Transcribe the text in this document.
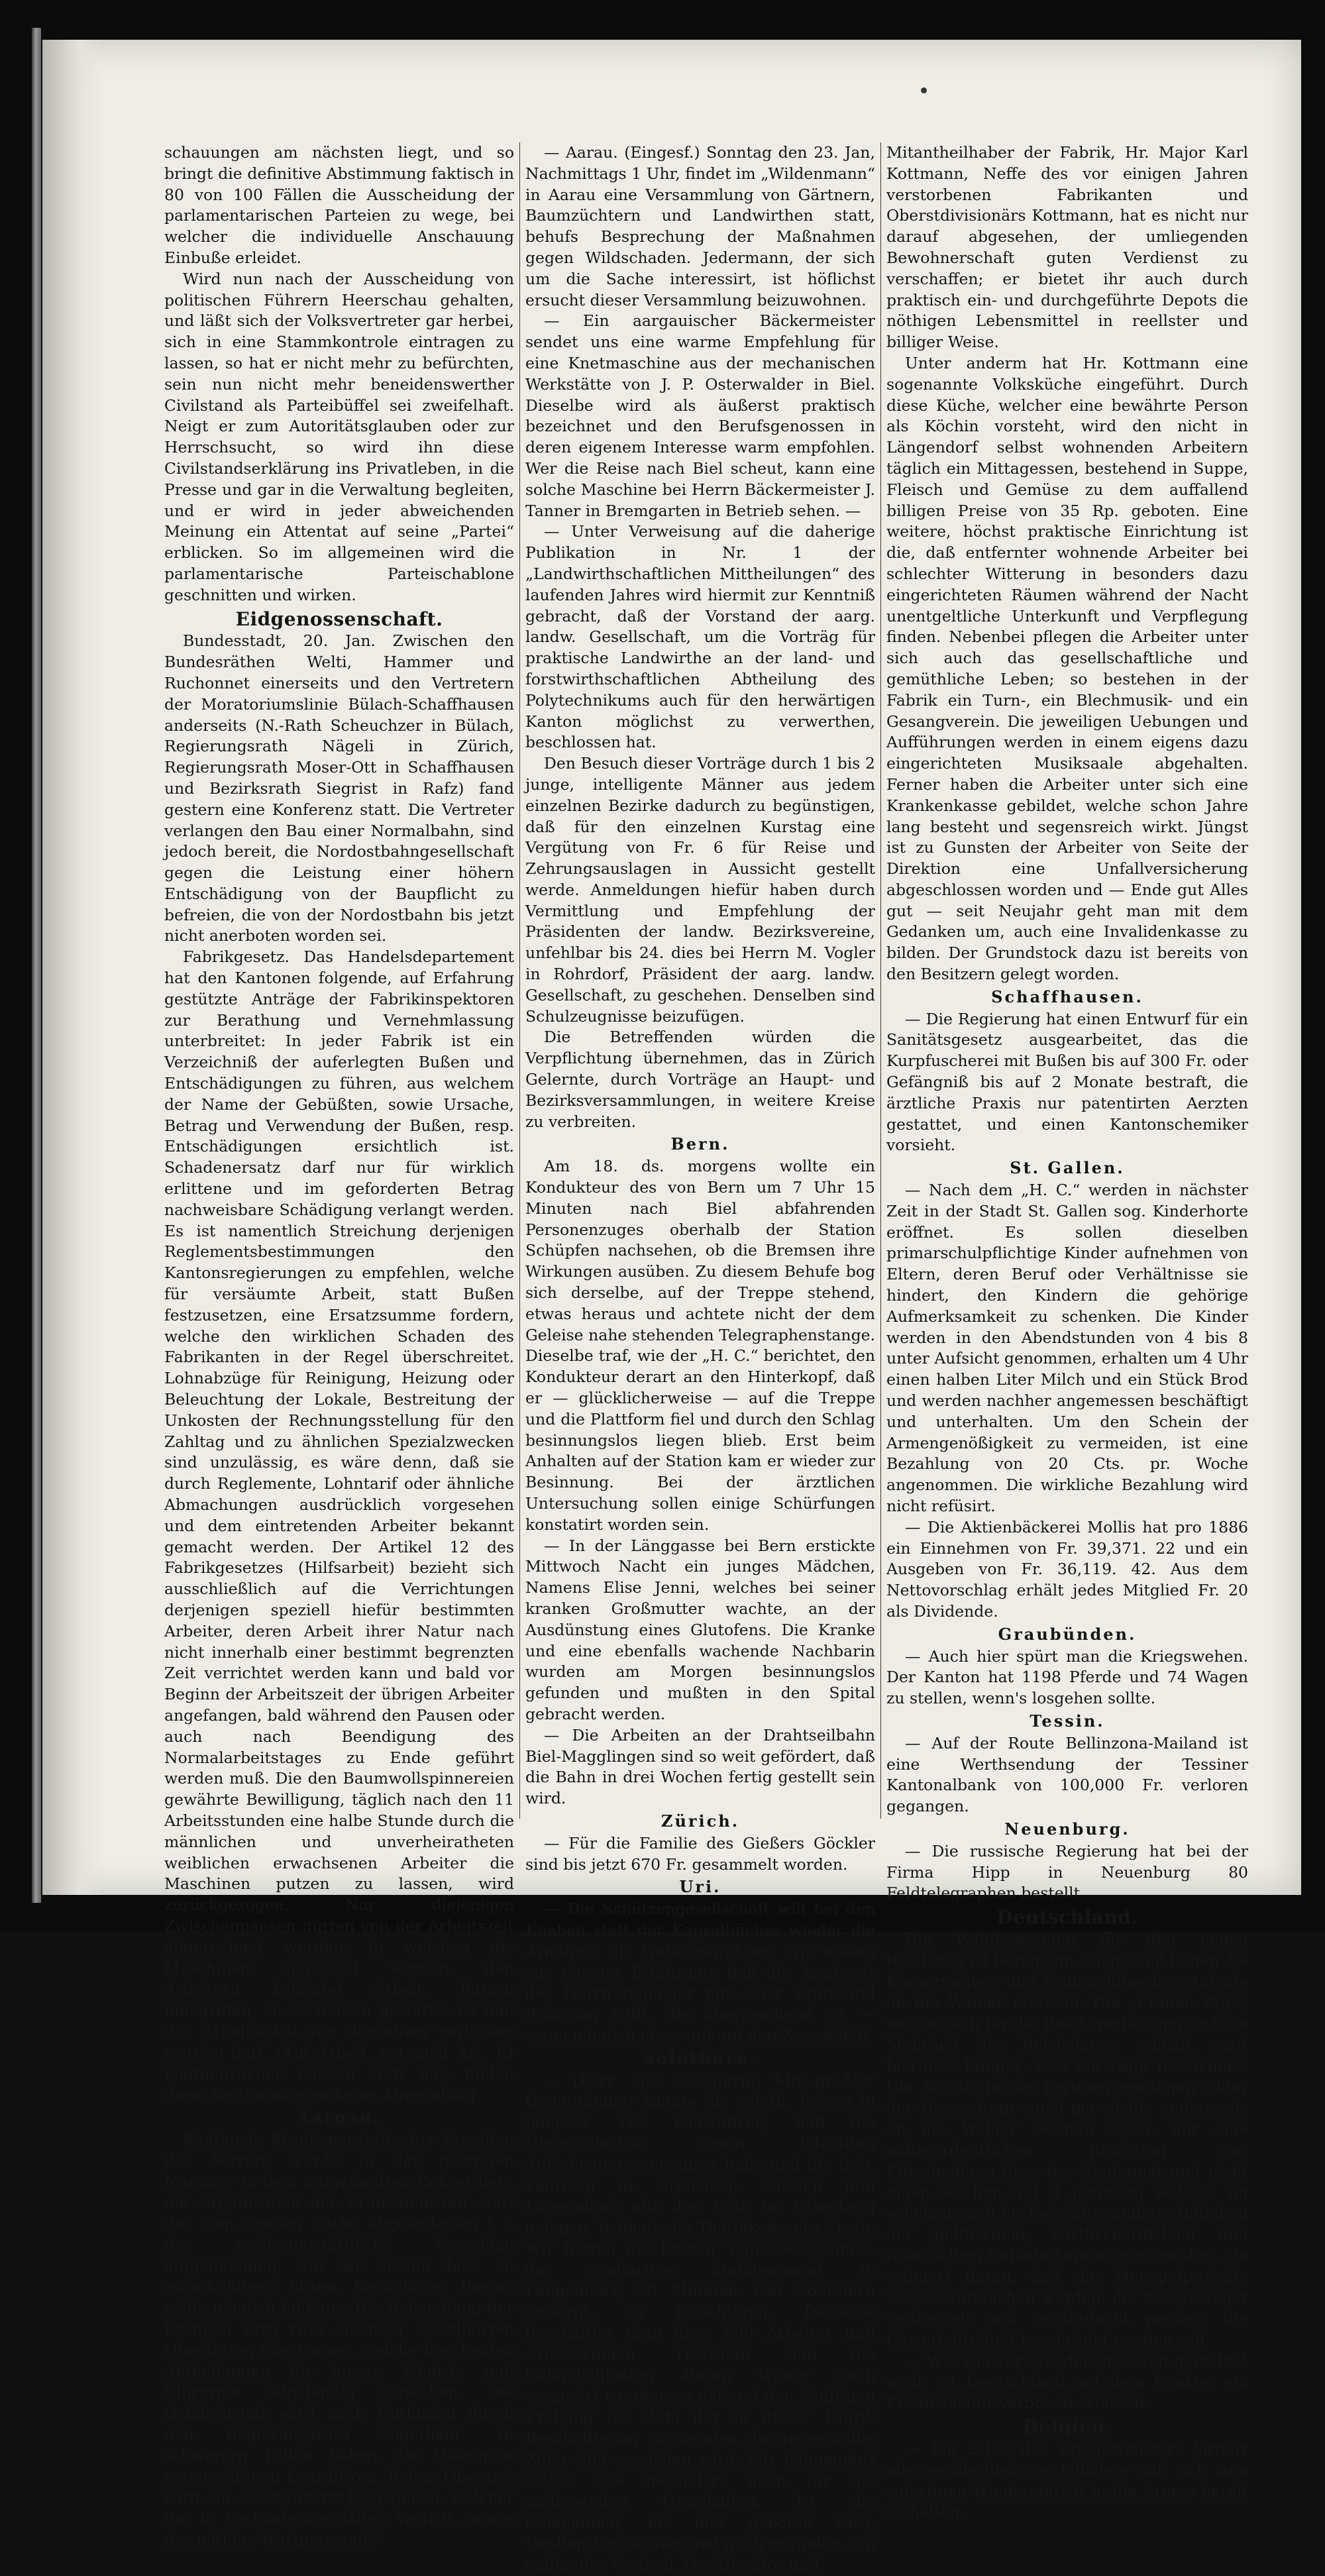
schauungen am nächsten liegt, und so bringt die definitive Abstimmung faktisch in 80 von 100 Fällen die Ausscheidung der parlamentarischen Parteien zu wege, bei welcher die individuelle Anschauung Einbuße erleidet.

Wird nun nach der Ausscheidung von politischen Führern Heerschau gehalten, und läßt sich der Volksvertreter gar herbei, sich in eine Stammkontrole eintragen zu lassen, so hat er nicht mehr zu befürchten, sein nun nicht mehr beneidenswerther Civilstand als Parteibüffel sei zweifelhaft. Neigt er zum Autoritätsglauben oder zur Herrschsucht, so wird ihn diese Civilstandserklärung ins Privatleben, in die Presse und gar in die Verwaltung begleiten, und er wird in jeder abweichenden Meinung ein Attentat auf seine „Partei“ erblicken. So im allgemeinen wird die parlamentarische Parteischablone geschnitten und wirken.

Eidgenossenschaft.

Bundesstadt, 20. Jan. Zwischen den Bundesräthen Welti, Hammer und Ruchonnet einerseits und den Vertretern der Moratoriumslinie Bülach-Schaffhausen anderseits (N.-Rath Scheuchzer in Bülach, Regierungsrath Nägeli in Zürich, Regierungsrath Moser-Ott in Schaffhausen und Bezirksrath Siegrist in Rafz) fand gestern eine Konferenz statt. Die Vertreter verlangen den Bau einer Normalbahn, sind jedoch bereit, die Nordostbahngesellschaft gegen die Leistung einer höhern Entschädigung von der Baupflicht zu befreien, die von der Nordostbahn bis jetzt nicht anerboten worden sei.

Fabrikgesetz. Das Handelsdepartement hat den Kantonen folgende, auf Erfahrung gestützte Anträge der Fabrikinspektoren zur Berathung und Vernehmlassung unterbreitet: In jeder Fabrik ist ein Verzeichniß der auferlegten Bußen und Entschädigungen zu führen, aus welchem der Name der Gebüßten, sowie Ursache, Betrag und Verwendung der Bußen, resp. Entschädigungen ersichtlich ist. Schadenersatz darf nur für wirklich erlittene und im geforderten Betrag nachweisbare Schädigung verlangt werden. Es ist namentlich Streichung derjenigen Reglementsbestimmungen den Kantonsregierungen zu empfehlen, welche für versäumte Arbeit, statt Bußen festzusetzen, eine Ersatzsumme fordern, welche den wirklichen Schaden des Fabrikanten in der Regel überschreitet. Lohnabzüge für Reinigung, Heizung oder Beleuchtung der Lokale, Bestreitung der Unkosten der Rechnungsstellung für den Zahltag und zu ähnlichen Spezialzwecken sind unzulässig, es wäre denn, daß sie durch Reglemente, Lohntarif oder ähnliche Abmachungen ausdrücklich vorgesehen und dem eintretenden Arbeiter bekannt gemacht werden. Der Artikel 12 des Fabrikgesetzes (Hilfsarbeit) bezieht sich ausschließlich auf die Verrichtungen derjenigen speziell hiefür bestimmten Arbeiter, deren Arbeit ihrer Natur nach nicht innerhalb einer bestimmt begrenzten Zeit verrichtet werden kann und bald vor Beginn der Arbeitszeit der übrigen Arbeiter angefangen, bald während den Pausen oder auch nach Beendigung des Normalarbeitstages zu Ende geführt werden muß. Die den Baumwollspinnereien gewährte Bewilligung, täglich nach den 11 Arbeitsstunden eine halbe Stunde durch die männlichen und unverheiratheten weiblichen erwachsenen Arbeiter die Maschinen putzen zu lassen, wird zurückgezogen. Nur diejenigen Zwischenpausen dürfen von der Arbeitszeit abgerechnet werden, in welchen die Maschinen abgestellt werden, den Arbeitern keinerlei Arbeit, Putzen inbegriffen, zu verrichten gestattet ist und das Arbeitslokal von denselben verlassen werden darf. (Auf Arbeit, wo nach Art. 13 kontinuirlicher Betrieb statt hat, finden diese Bestimmungen keine Anwendung.

Aargau.

Kantonale Krankenanstalt. Aus Versehen des Setzers wurde in der gestrigen Nummer in dem mitgetheilten Dekret betr. die Organisation der Krankenanstalt statt des vom Großen Rathe abgeänderten § 5 der regierungsräthliche Vorschlag aufgenommen, was wir hiemit höfl. zu entschuldigen bitten. Bezüglicher Passus sollte nämlich heißen: „Die Behandlung der Kranken wird zwei einander koordinirten Oberärzten übertragen, welche den beiden Abtheilungen für innere Medizin und Chirurgie selbständig vorstehen. Die Gebäranstalt wird nach Gutfinden durch den Regierungsrath zugetheilt. In schwerern Fällen haben die Oberärzte gegenseitig zu konsultiren. Jedem Oberarzt wird ein Assistenzarzt beigegeben, welcher ihn in Verhinderungsfällen vertritt, sowie das nöthige Wartpersonal.“

— Aarau. (Eingesf.) Sonntag den 23. Jan, Nachmittags 1 Uhr, findet im „Wildenmann“ in Aarau eine Versammlung von Gärtnern, Baumzüchtern und Landwirthen statt, behufs Besprechung der Maßnahmen gegen Wildschaden. Jedermann, der sich um die Sache interessirt, ist höflichst ersucht dieser Versammlung beizuwohnen.

— Ein aargauischer Bäckermeister sendet uns eine warme Empfehlung für eine Knetmaschine aus der mechanischen Werkstätte von J. P. Osterwalder in Biel. Dieselbe wird als äußerst praktisch bezeichnet und den Berufsgenossen in deren eigenem Interesse warm empfohlen. Wer die Reise nach Biel scheut, kann eine solche Maschine bei Herrn Bäckermeister J. Tanner in Bremgarten in Betrieb sehen. —

— Unter Verweisung auf die daherige Publikation in Nr. 1 der „Landwirthschaftlichen Mittheilungen“ des laufenden Jahres wird hiermit zur Kenntniß gebracht, daß der Vorstand der aarg. landw. Gesellschaft, um die Vorträg für praktische Landwirthe an der land- und forstwirthschaftlichen Abtheilung des Polytechnikums auch für den herwärtigen Kanton möglichst zu verwerthen, beschlossen hat.

Den Besuch dieser Vorträge durch 1 bis 2 junge, intelligente Männer aus jedem einzelnen Bezirke dadurch zu begünstigen, daß für den einzelnen Kurstag eine Vergütung von Fr. 6 für Reise und Zehrungsauslagen in Aussicht gestellt werde. Anmeldungen hiefür haben durch Vermittlung und Empfehlung der Präsidenten der landw. Bezirksvereine, unfehlbar bis 24. dies bei Herrn M. Vogler in Rohrdorf, Präsident der aarg. landw. Gesellschaft, zu geschehen. Denselben sind Schulzeugnisse beizufügen.

Die Betreffenden würden die Verpflichtung übernehmen, das in Zürich Gelernte, durch Vorträge an Haupt- und Bezirksversammlungen, in weitere Kreise zu verbreiten.

Bern.

Am 18. ds. morgens wollte ein Konduktеur des von Bern um 7 Uhr 15 Minuten nach Biel abfahrenden Personenzuges oberhalb der Station Schüpfen nachsehen, ob die Bremsen ihre Wirkungen ausüben. Zu diesem Behufe bog sich derselbe, auf der Treppe stehend, etwas heraus und achtete nicht der dem Geleise nahe stehenden Telegraphenstange. Dieselbe traf, wie der „H. C.“ berichtet, den Kondukteur derart an den Hinterkopf, daß er — glücklicherweise — auf die Treppe und die Plattform fiel und durch den Schlag besinnungslos liegen blieb. Erst beim Anhalten auf der Station kam er wieder zur Besinnung. Bei der ärztlichen Untersuchung sollen einige Schürfungen konstatirt worden sein.

— In der Länggasse bei Bern erstickte Mittwoch Nacht ein junges Mädchen, Namens Elise Jenni, welches bei seiner kranken Großmutter wachte, an der Ausdünstung eines Glutofens. Die Kranke und eine ebenfalls wachende Nachbarin wurden am Morgen besinnungslos gefunden und mußten in den Spital gebracht werden.

— Die Arbeiten an der Drahtseilbahn Biel-Magglingen sind so weit gefördert, daß die Bahn in drei Wochen fertig gestellt sein wird.

Zürich.

— Für die Familie des Gießers Göckler sind bis jetzt 670 Fr. gesammelt worden.

Uri.

— Die Schützengesellschaft will bei den Knaben statt der Kapselbüchse wieder die Armbrust als Waffe einführen. Wir wissen aus eigener Erfahrung, daß die Armbrust des Herrn Bollinger mit einer Kraft und Präzision trifft, die überraschend ist — wenn nämlich einer gut auf den Zweck hält.

Solothurn.

— (Korr. aus Solothurn.) Mit größter Genugthuung konnte die soloth. Presse in jüngster Zeit konstatiren, daß die Uhrenindustrie einen lebhaften Aufschwung genommen habe und die betr. Fabriken in Grenchen, Selzach und Längendorf, alle drei Orte im Leberberg gelegen, bedeutende Thätigkeit entwickeln. Wir hatten die letzten Tage Gelegenheit, das großartige Etablissement in Längendorf, 20 Minuten von Solothurn entfernt, zu besichtigen. Dasselbe beschäftigt dato über 600 Arbeiter und Arbeiterinnen. Trotzdem sind die Gebäulichkeiten diesen Winter noch vermehrt worden, so daß auf den künftigen Frühling die Zahl der in dieser Fabrik Beschäftigung Suchenden die respektable Ziffer 900 erreichen wird. Für Längendorf selbst, wie besonders auch für die umliegenden Ortschaften, ist die Gelegenheit, die hier geboten wird, Verdienst zu suchen und auch zu finden, ein eminenter Vortheil. Der Direktor und

Mitantheilhaber der Fabrik, Hr. Major Karl Kottmann, Neffe des vor einigen Jahren verstorbenen Fabrikanten und Oberstdivisionärs Kottmann, hat es nicht nur darauf abgesehen, der umliegenden Bewohnerschaft guten Verdienst zu verschaffen; er bietet ihr auch durch praktisch ein- und durchgeführte Depots die nöthigen Lebensmittel in reellster und billiger Weise.

Unter anderm hat Hr. Kottmann eine sogenannte Volksküche eingeführt. Durch diese Küche, welcher eine bewährte Person als Köchin vorsteht, wird den nicht in Längendorf selbst wohnenden Arbeitern täglich ein Mittagessen, bestehend in Suppe, Fleisch und Gemüse zu dem auffallend billigen Preise von 35 Rp. geboten. Eine weitere, höchst praktische Einrichtung ist die, daß entfernter wohnende Arbeiter bei schlechter Witterung in besonders dazu eingerichteten Räumen während der Nacht unentgeltliche Unterkunft und Verpflegung finden. Nebenbei pflegen die Arbeiter unter sich auch das gesellschaftliche und gemüthliche Leben; so bestehen in der Fabrik ein Turn-, ein Blechmusik- und ein Gesangverein. Die jeweiligen Uebungen und Aufführungen werden in einem eigens dazu eingerichteten Musiksaale abgehalten. Ferner haben die Arbeiter unter sich eine Krankenkasse gebildet, welche schon Jahre lang besteht und segensreich wirkt. Jüngst ist zu Gunsten der Arbeiter von Seite der Direktion eine Unfallversicherung abgeschlossen worden und — Ende gut Alles gut — seit Neujahr geht man mit dem Gedanken um, auch eine Invalidenkasse zu bilden. Der Grundstock dazu ist bereits von den Besitzern gelegt worden.

Schaffhausen.

— Die Regierung hat einen Entwurf für ein Sanitätsgesetz ausgearbeitet, das die Kurpfuscherei mit Bußen bis auf 300 Fr. oder Gefängniß bis auf 2 Monate bestraft, die ärztliche Praxis nur patentirten Aerzten gestattet, und einen Kantonschemiker vorsieht.

St. Gallen.

— Nach dem „H. C.“ werden in nächster Zeit in der Stadt St. Gallen sog. Kinderhorte eröffnet. Es sollen dieselben primarschulpflichtige Kinder aufnehmen von Eltern, deren Beruf oder Verhältnisse sie hindert, den Kindern die gehörige Aufmerksamkeit zu schenken. Die Kinder werden in den Abendstunden von 4 bis 8 unter Aufsicht genommen, erhalten um 4 Uhr einen halben Liter Milch und ein Stück Brod und werden nachher angemessen beschäftigt und unterhalten. Um den Schein der Armengenößigkeit zu vermeiden, ist eine Bezahlung von 20 Cts. pr. Woche angenommen. Die wirkliche Bezahlung wird nicht refüsirt.

— Die Aktienbäckerei Mollis hat pro 1886 ein Einnehmen von Fr. 39,371. 22 und ein Ausgeben von Fr. 36,119. 42. Aus dem Nettovorschlag erhält jedes Mitglied Fr. 20 als Dividende.

Graubünden.

— Auch hier spürt man die Kriegswehen. Der Kanton hat 1198 Pferde und 74 Wagen zu stellen, wenn's losgehen sollte.

Tessin.

— Auf der Route Bellinzona-Mailand ist eine Werthsendung der Tessiner Kantonalbank von 100,000 Fr. verloren gegangen.

Neuenburg.

— Die russische Regierung hat bei der Firma Hipp in Neuenburg 80 Feldtelegraphen bestellt.

Deutschland.

Die Wahlbewegung für den neuen Reichstag ist bereits im Gange und haben die Konservativen und Nationalliberalen Aufrufe an die Wähler erlassen. Die „Frankf. Ztg.“, welche sich für die Reichsverfassung und die Mehrheit des Reichstages schlägt, sagt hierüber Einiges, was die Lage bezeichnet: Die Aufrufe beider Parteien erwähnen außer der Heeresfrage auch gar nichts anders, als ob die Wähler berufen seien, nur eine außerordentlichen Reichstag zur Entscheidung über das Septennat und nicht einen solchen auf 3 Jahre zu wählen, an welchen auch hochwichtige andere Aufgaben auf politischem, wirthschaftlichem und finanziellem Gebiete herantreten werden. Sie erinnert daran, daß die Monopolprojekte wieder auftauchen werden, die Börsensteuer verdoppelt und verdreifacht werden, die Gewerbefreiheit beschränkt werden soll.

— Wie von verschiedenen Seiten gemeldet wird, ist Deutschland auf dem Punkte, ein Pferdeausfuhrverbot zu erlassen.

Belgien.

— Ein Erlaß des Kriegsministers fordert alle verabschiedeten Offiziere auf, sich zum sofortigen Wiedereintritt in die Armee bereit zu halten.
